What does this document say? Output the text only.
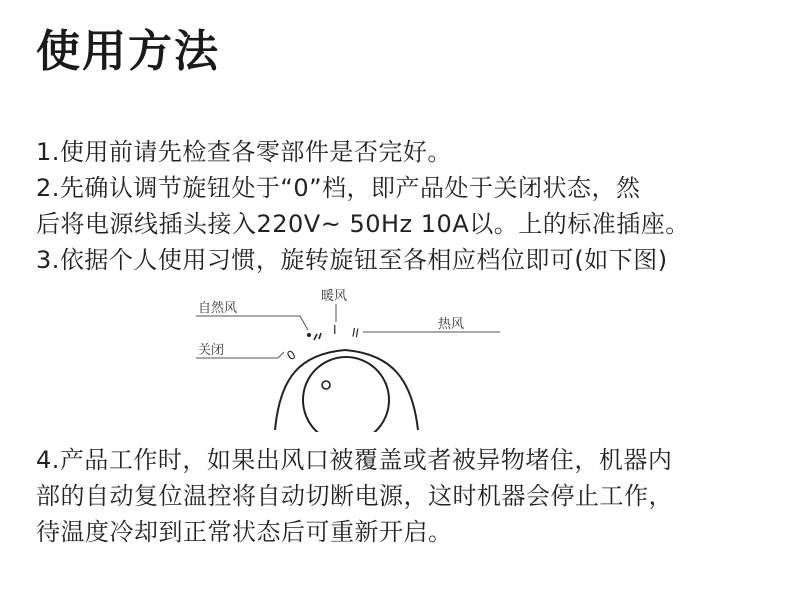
使用方法
1.使用前请先检查各零部件是否完好。
2.先确认调节旋钮处于“0”档，即产品处于关闭状态，然
后将电源线插头接入220V~ 50Hz 10A以。上的标准插座。
3.依据个人使用习惯，旋转旋钮至各相应档位即可(如下图)
0
I II
自然风
暖风
热风
关闭
4.产品工作时，如果出风口被覆盖或者被异物堵住，机器内
部的自动复位温控将自动切断电源，这时机器会停止工作，
待温度冷却到正常状态后可重新开启。
